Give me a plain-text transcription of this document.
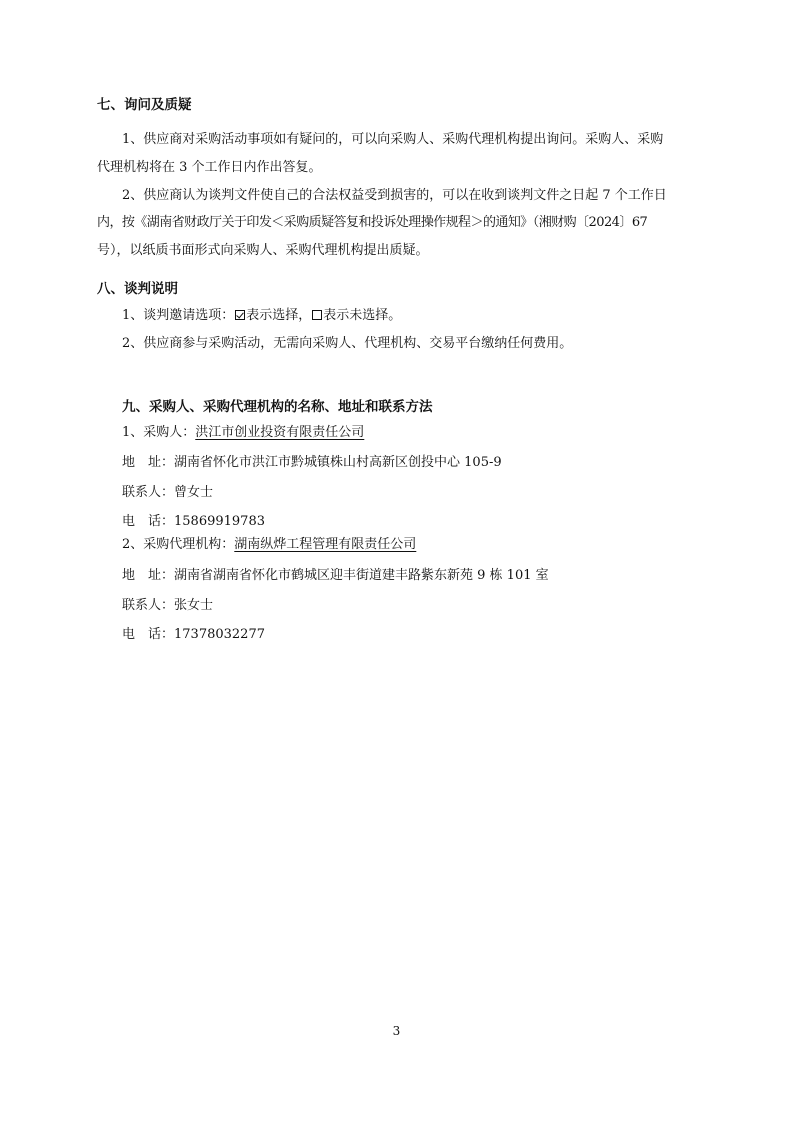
七、询问及质疑
1、供应商对采购活动事项如有疑问的，可以向采购人、采购代理机构提出询问。采购人、采购
代理机构将在 3 个工作日内作出答复。
2、供应商认为谈判文件使自己的合法权益受到损害的，可以在收到谈判文件之日起 7 个工作日
内，按《湖南省财政厅关于印发＜采购质疑答复和投诉处理操作规程＞的通知》（湘财购〔2024〕67
号），以纸质书面形式向采购人、采购代理机构提出质疑。
八、谈判说明
1、谈判邀请选项： 表示选择， 表示未选择。
2、供应商参与采购活动，无需向采购人、代理机构、交易平台缴纳任何费用。
九、采购人、采购代理机构的名称、地址和联系方法
1、采购人：洪江市创业投资有限责任公司
地　址：湖南省怀化市洪江市黔城镇株山村高新区创投中心 105-9
联系人：曾女士
电　话：15869919783
2、采购代理机构：湖南纵烨工程管理有限责任公司
地　址：湖南省湖南省怀化市鹤城区迎丰街道建丰路紫东新苑 9 栋 101 室
联系人：张女士
电　话：17378032277
3
